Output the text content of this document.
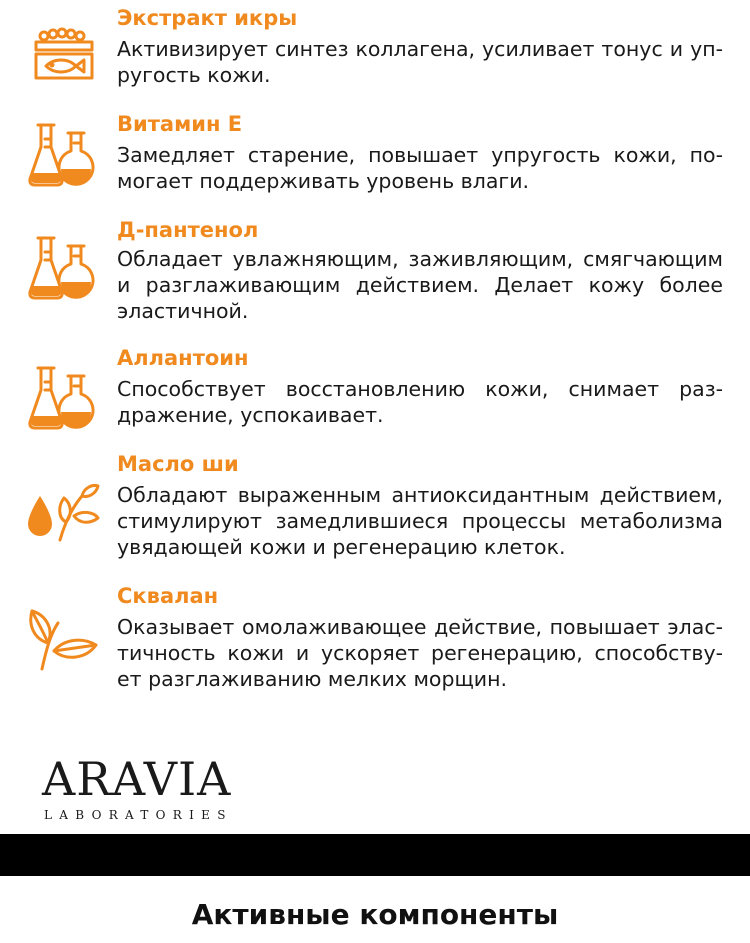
Экстракт икры
Активизирует синтез коллагена, усиливает тонус и уп-
ругость кожи.
Витамин Е
Замедляет старение, повышает упругость кожи, по-
могает поддерживать уровень влаги.
Д-пантенол
Обладает увлажняющим, заживляющим, смягчающим
и разглаживающим действием. Делает кожу более
эластичной.
Аллантоин
Способствует восстановлению кожи, снимает раз-
дражение, успокаивает.
Масло ши
Обладают выраженным антиоксидантным действием,
стимулируют замедлившиеся процессы метаболизма
увядающей кожи и регенерацию клеток.
Сквалан
Оказывает омолаживающее действие, повышает элас-
тичность кожи и ускоряет регенерацию, способству-
ет разглаживанию мелких морщин.
ARAVIA
LABORATORIES
Активные компоненты
